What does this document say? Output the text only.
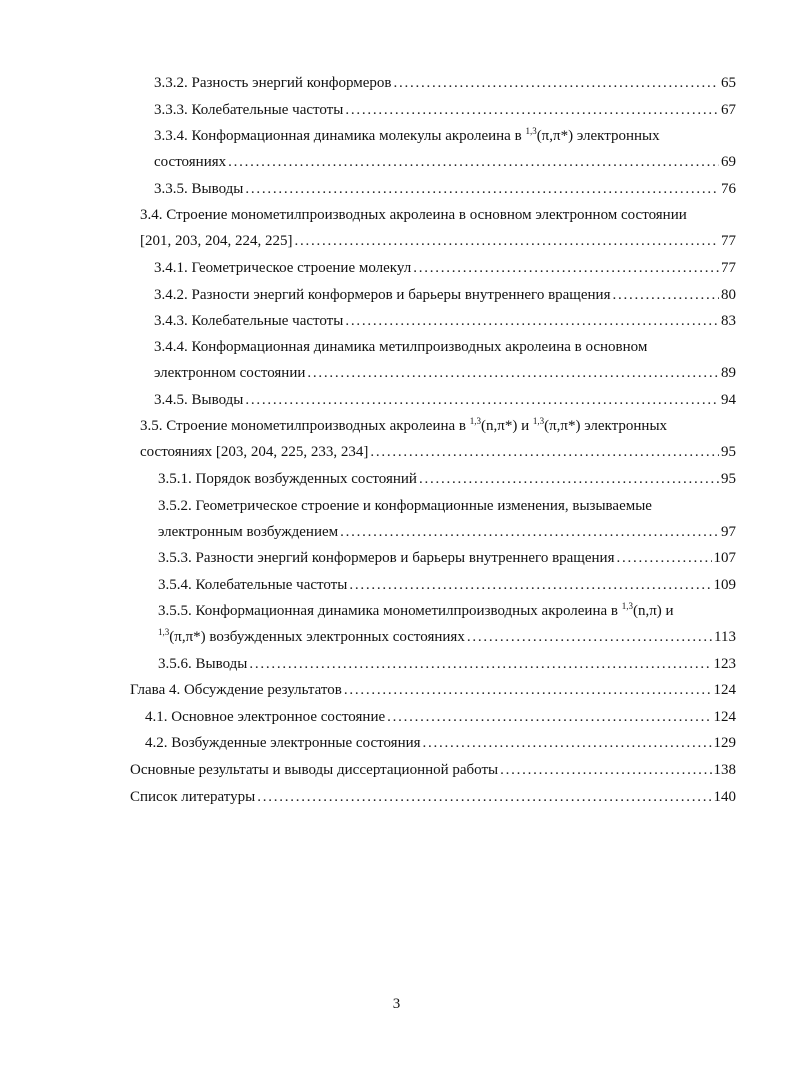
3.3.2. Разность энергий конформеров . . .	65
3.3.3. Колебательные частоты . . .	67
3.3.4. Конформационная динамика молекулы акролеина в $^{1,3}$(π,π*) электронных
состояниях . . .	69
3.3.5. Выводы . . .	76
3.4. Строение монометилпроизводных акролеина в основном электронном состоянии
[201, 203, 204, 224, 225] . . .	77
3.4.1. Геометрическое строение молекул . . .	77
3.4.2. Разности энергий конформеров и барьеры внутреннего вращения . . .	80
3.4.3. Колебательные частоты . . .	83
3.4.4. Конформационная динамика метилпроизводных акролеина в основном
электронном состоянии . . .	89
3.4.5. Выводы . . .	94
3.5. Строение монометилпроизводных акролеина в $^{1,3}$(n,π*) и $^{1,3}$(π,π*) электронных
состояниях [203, 204, 225, 233, 234] . . .	95
3.5.1. Порядок возбужденных состояний . . .	95
3.5.2. Геометрическое строение и конформационные изменения, вызываемые
электронным возбуждением . . .	97
3.5.3. Разности энергий конформеров и барьеры внутреннего вращения . . .	107
3.5.4. Колебательные частоты . . .	109
3.5.5. Конформационная динамика монометилпроизводных акролеина в $^{1,3}$(n,π) и
$^{1,3}$(π,π*) возбужденных электронных состояниях . . .	113
3.5.6. Выводы . . .	123
Глава 4. Обсуждение результатов . . .	124
4.1. Основное электронное состояние . . .	124
4.2. Возбужденные электронные состояния . . .	129
Основные результаты и выводы диссертационной работы . . .	138
Список литературы . . .	140
3
